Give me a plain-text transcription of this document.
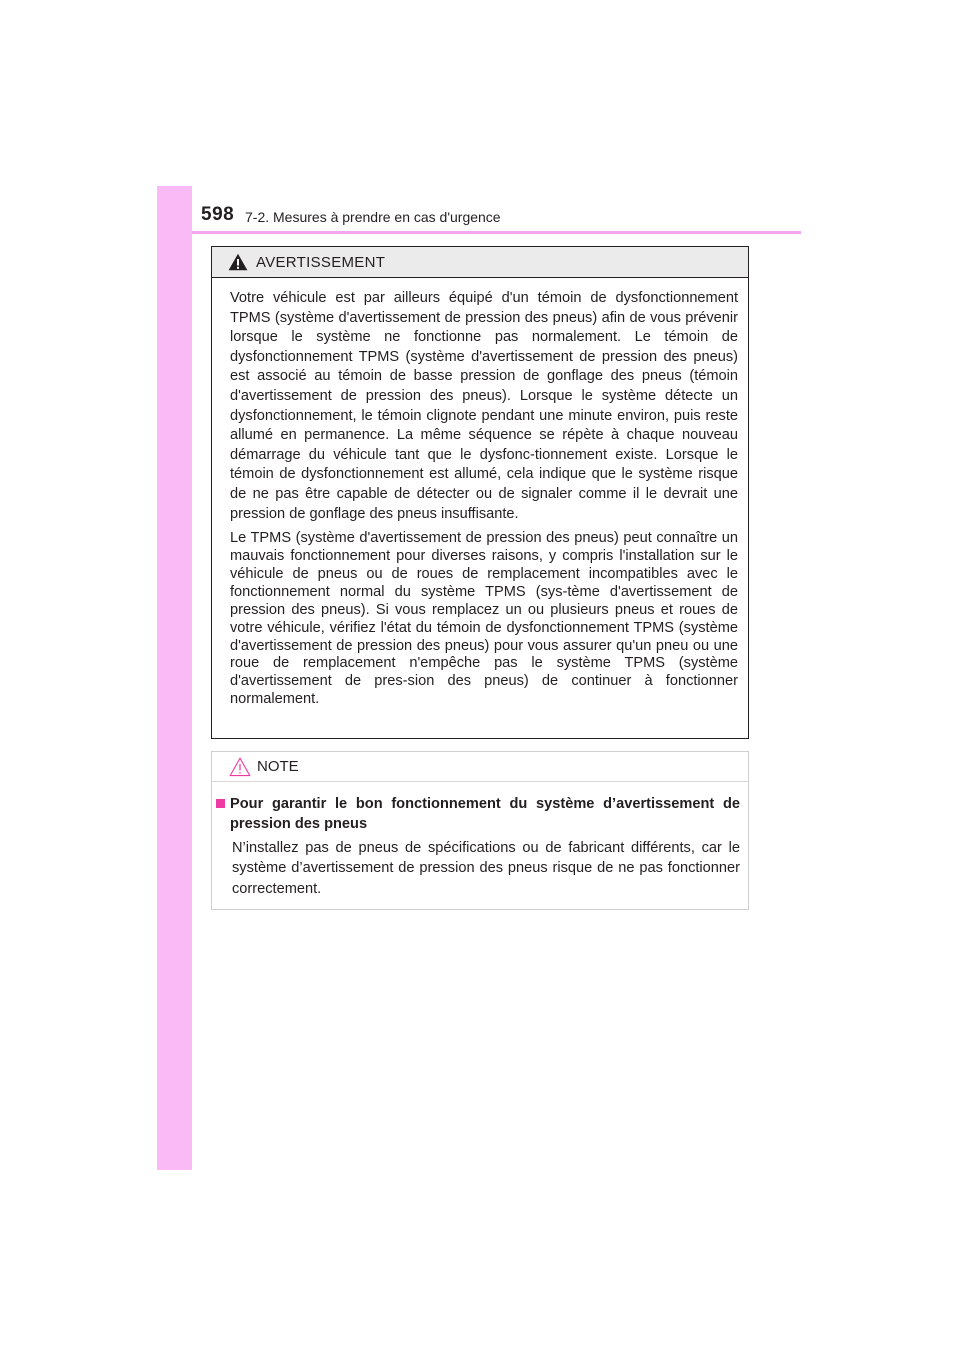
598 7-2. Mesures à prendre en cas d'urgence
AVERTISSEMENT

Votre véhicule est par ailleurs équipé d'un témoin de dysfonctionnement TPMS (système d'avertissement de pression des pneus) afin de vous prévenir lorsque le système ne fonctionne pas normalement. Le témoin de dysfonctionnement TPMS (système d'avertissement de pression des pneus) est associé au témoin de basse pression de gonflage des pneus (témoin d'avertissement de pression des pneus). Lorsque le système détecte un dysfonctionnement, le témoin clignote pendant une minute environ, puis reste allumé en permanence. La même séquence se répète à chaque nouveau démarrage du véhicule tant que le dysfonc-tionnement existe. Lorsque le témoin de dysfonctionnement est allumé, cela indique que le système risque de ne pas être capable de détecter ou de signaler comme il le devrait une pression de gonflage des pneus insuffisante.

Le TPMS (système d'avertissement de pression des pneus) peut connaître un mauvais fonctionnement pour diverses raisons, y compris l'installation sur le véhicule de pneus ou de roues de remplacement incompatibles avec le fonctionnement normal du système TPMS (sys-tème d'avertissement de pression des pneus). Si vous remplacez un ou plusieurs pneus et roues de votre véhicule, vérifiez l'état du témoin de dysfonctionnement TPMS (système d'avertissement de pression des pneus) pour vous assurer qu'un pneu ou une roue de remplacement n'empêche pas le système TPMS (système d'avertissement de pres-sion des pneus) de continuer à fonctionner normalement.

NOTE
Pour garantir le bon fonctionnement du système d’avertissement de pression des pneus

N’installez pas de pneus de spécifications ou de fabricant différents, car le système d’avertissement de pression des pneus risque de ne pas fonctionner correctement.
